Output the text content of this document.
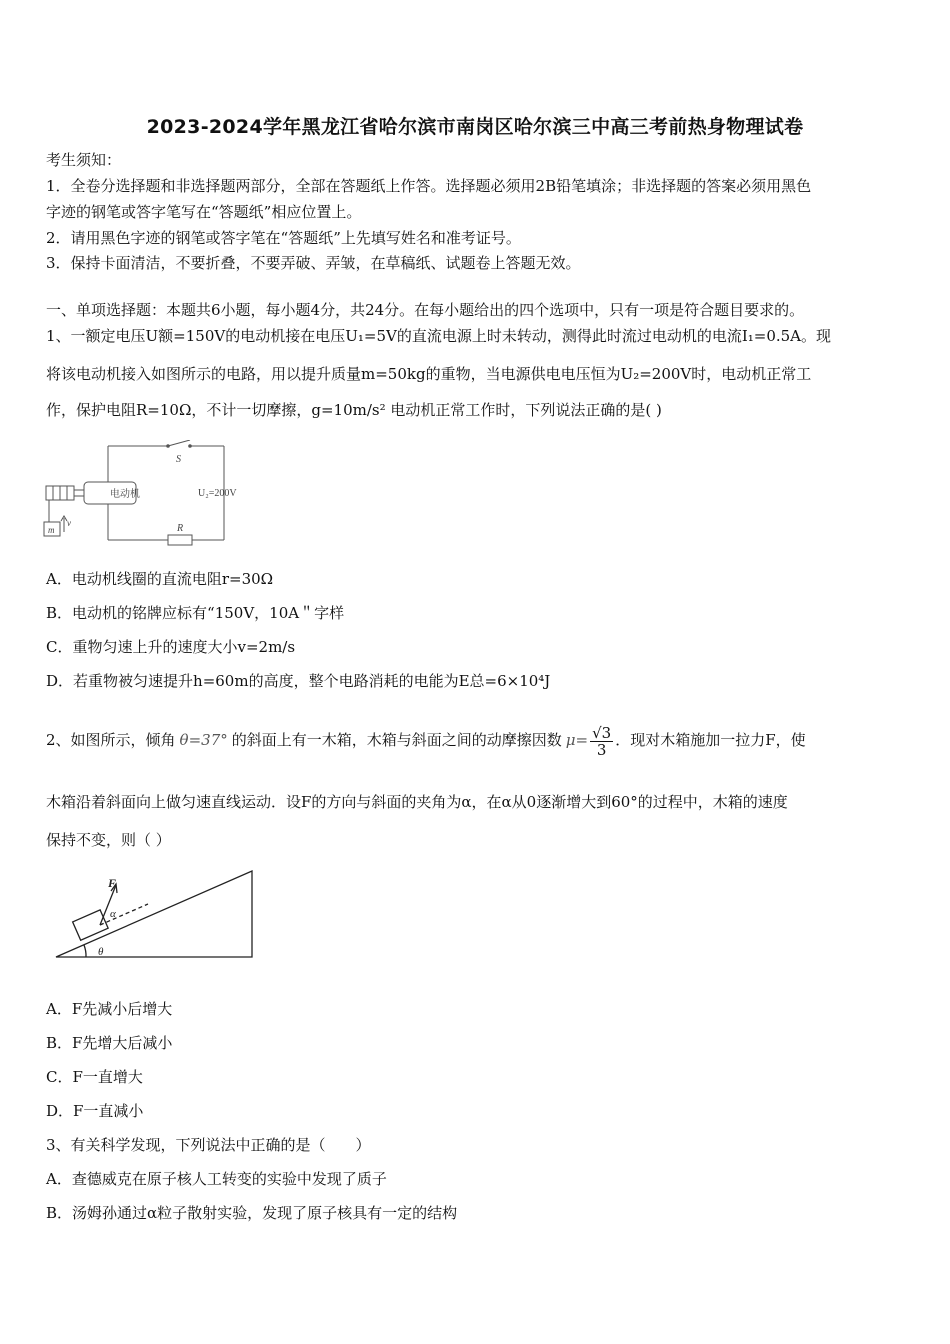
2023-2024学年黑龙江省哈尔滨市南岗区哈尔滨三中高三考前热身物理试卷
考生须知：
1．全卷分选择题和非选择题两部分，全部在答题纸上作答。选择题必须用2B铅笔填涂；非选择题的答案必须用黑色
字迹的钢笔或答字笔写在“答题纸”相应位置上。
2．请用黑色字迹的钢笔或答字笔在“答题纸”上先填写姓名和准考证号。
3．保持卡面清洁，不要折叠，不要弄破、弄皱，在草稿纸、试题卷上答题无效。
一、单项选择题：本题共6小题，每小题4分，共24分。在每小题给出的四个选项中，只有一项是符合题目要求的。
1、一额定电压U额=150V的电动机接在电压U₁=5V的直流电源上时未转动，测得此时流过电动机的电流I₁=0.5A。现
将该电动机接入如图所示的电路，用以提升质量m=50kg的重物，当电源供电电压恒为U₂=200V时，电动机正常工
作，保护电阻R=10Ω，不计一切摩擦，g=10m/s² 电动机正常工作时，下列说法正确的是( )
电动机
S
U₂=200V
R
m
v
A．电动机线圈的直流电阻r=30Ω
B．电动机的铭牌应标有“150V，10A＂字样
C．重物匀速上升的速度大小v=2m/s
D．若重物被匀速提升h=60m的高度，整个电路消耗的电能为E总=6×10⁴J
2、如图所示，倾角 θ=37° 的斜面上有一木箱，木箱与斜面之间的动摩擦因数 $\mu= \frac{√3}{3}$ ．现对木箱施加一拉力F，使
木箱沿着斜面向上做匀速直线运动．设F的方向与斜面的夹角为α，在α从0逐渐增大到60°的过程中，木箱的速度
保持不变，则（ ）
F
α
θ
A．F先减小后增大
B．F先增大后减小
C．F一直增大
D．F一直减小
3、有关科学发现，下列说法中正确的是（　　）
A．查德威克在原子核人工转变的实验中发现了质子
B．汤姆孙通过α粒子散射实验，发现了原子核具有一定的结构
